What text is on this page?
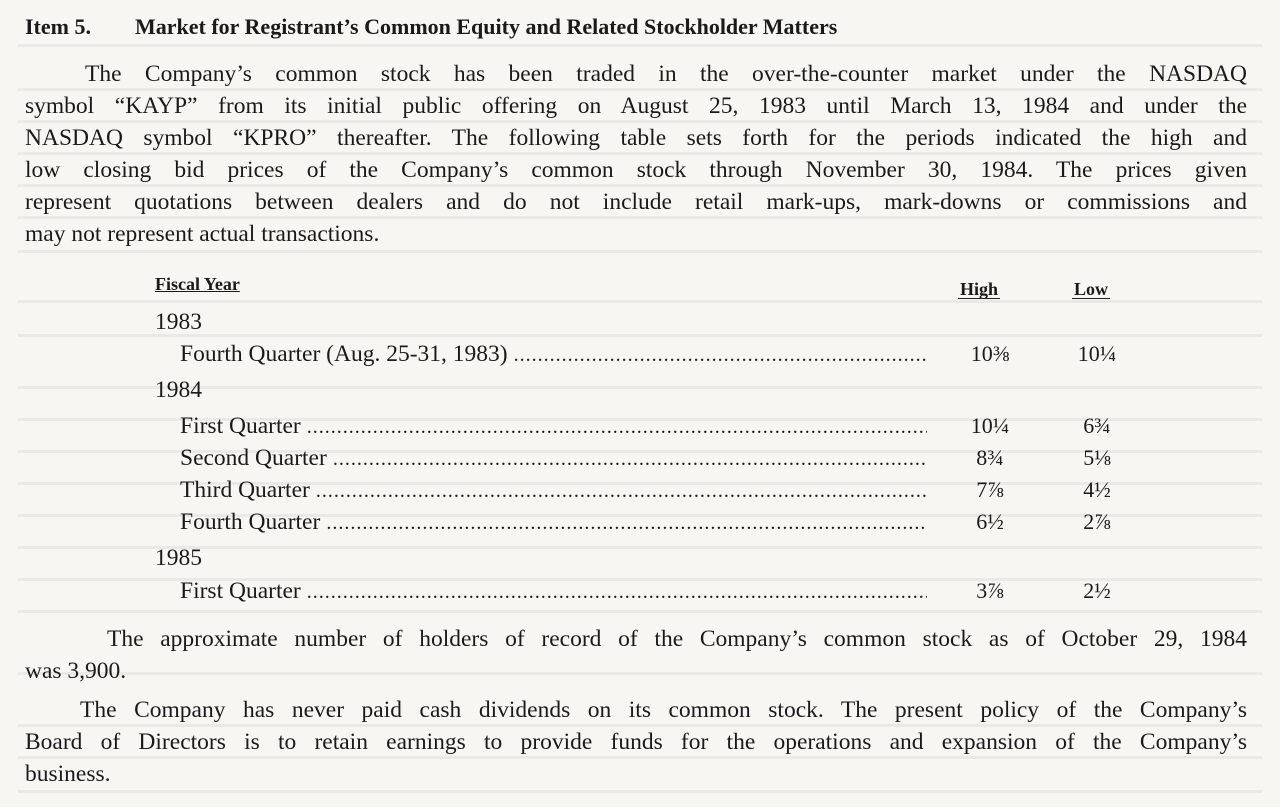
Item 5. Market for Registrant’s Common Equity and Related Stockholder Matters

The Company’s common stock has been traded in the over-the-counter market under the NASDAQ
symbol “KAYP” from its initial public offering on August 25, 1983 until March 13, 1984 and under the
NASDAQ symbol “KPRO” thereafter. The following table sets forth for the periods indicated the high and
low closing bid prices of the Company’s common stock through November 30, 1984. The prices given
represent quotations between dealers and do not include retail mark-ups, mark-downs or commissions and
may not represent actual transactions.

Fiscal Year	High	Low
1983
Fourth Quarter (Aug. 25-31, 1983) .....	10⅜	10¼
1984
First Quarter .....	10¼	6¾
Second Quarter .....	8¾	5⅛
Third Quarter .....	7⅞	4½
Fourth Quarter .....	6½	2⅞
1985
First Quarter .....	3⅞	2½

The approximate number of holders of record of the Company’s common stock as of October 29, 1984
was 3,900.

The Company has never paid cash dividends on its common stock. The present policy of the Company’s
Board of Directors is to retain earnings to provide funds for the operations and expansion of the Company’s
business.
